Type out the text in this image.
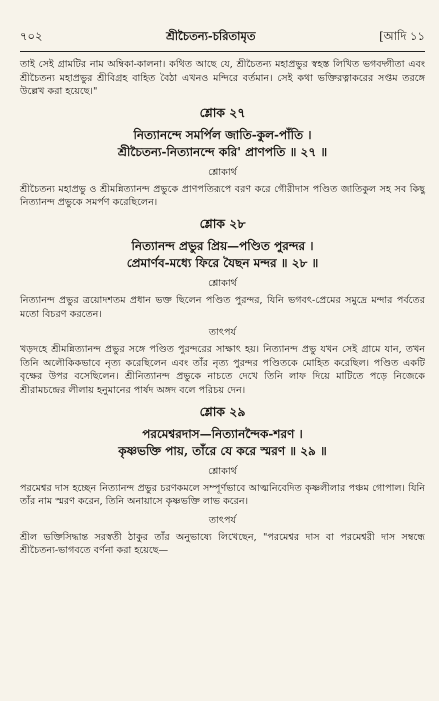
৭০২	শ্রীচৈতন্য-চরিতামৃত	[আদি ১১

তাই সেই গ্রামটির নাম অম্বিকা-কালনা। কথিত আছে যে, শ্রীচৈতন্য মহাপ্রভুর স্বহস্ত লিখিত ভগবদ্গীতা এবং শ্রীচৈতন্য মহাপ্রভুর শ্রীবিগ্রহ বাহিত বৈঠা এখনও মন্দিরে বর্তমান। সেই কথা ভক্তিরত্নাকরের সপ্তম তরঙ্গে উল্লেখ করা হয়েছে।"

শ্লোক ২৭

নিত্যানন্দে সমর্পিল জাতি-কুল-পাঁতি ।

শ্রীচৈতন্য-নিত্যানন্দে করি' প্রাণপতি ॥ ২৭ ॥

শ্লোকার্থ

শ্রীচৈতন্য মহাপ্রভু ও শ্রীমন্নিত্যানন্দ প্রভুকে প্রাণপতিরূপে বরণ করে গৌরীদাস পণ্ডিত জাতিকুল সহ সব কিছু নিত্যানন্দ প্রভুকে সমর্পণ করেছিলেন।

শ্লোক ২৮

নিত্যানন্দ প্রভুর প্রিয়—পণ্ডিত পুরন্দর ।

প্রেমার্ণব-মধ্যে ফিরে যৈছন মন্দর ॥ ২৮ ॥

শ্লোকার্থ

নিত্যানন্দ প্রভুর ত্রয়োদশতম প্রধান ভক্ত ছিলেন পণ্ডিত পুরন্দর, যিনি ভগবৎ-প্রেমের সমুদ্রে মন্দার পর্বতের মতো বিচরণ করতেন।

তাৎপর্য

খড়দহে শ্রীমন্নিত্যানন্দ প্রভুর সঙ্গে পণ্ডিত পুরন্দরের সাক্ষাৎ হয়। নিত্যানন্দ প্রভু যখন সেই গ্রামে যান, তখন তিনি অলৌকিকভাবে নৃত্য করেছিলেন এবং তাঁর নৃত্য পুরন্দর পণ্ডিতকে মোহিত করেছিল। পণ্ডিত একটি বৃক্ষের উপর বসেছিলেন। শ্রীনিত্যানন্দ প্রভুকে নাচতে দেখে তিনি লাফ দিয়ে মাটিতে পড়ে নিজেকে শ্রীরামচন্দ্রের লীলায় হনুমানের পার্ষদ অঙ্গদ বলে পরিচয় দেন।

শ্লোক ২৯

পরমেশ্বরদাস—নিত্যানন্দৈক-শরণ ।

কৃষ্ণভক্তি পায়, তাঁরে যে করে স্মরণ ॥ ২৯ ॥

শ্লোকার্থ

পরমেশ্বর দাস হচ্ছেন নিত্যানন্দ প্রভুর চরণকমলে সম্পূর্ণভাবে আত্মনিবেদিত কৃষ্ণলীলার পঞ্চম গোপাল। যিনি তাঁর নাম স্মরণ করেন, তিনি অনায়াসে কৃষ্ণভক্তি লাভ করেন।

তাৎপর্য

শ্রীল ভক্তিসিদ্ধান্ত সরস্বতী ঠাকুর তাঁর অনুভাষ্যে লিখেছেন, "পরমেশ্বর দাস বা পরমেশ্বরী দাস সম্বন্ধে শ্রীচৈতন্য-ভাগবতে বর্ণনা করা হয়েছে—
